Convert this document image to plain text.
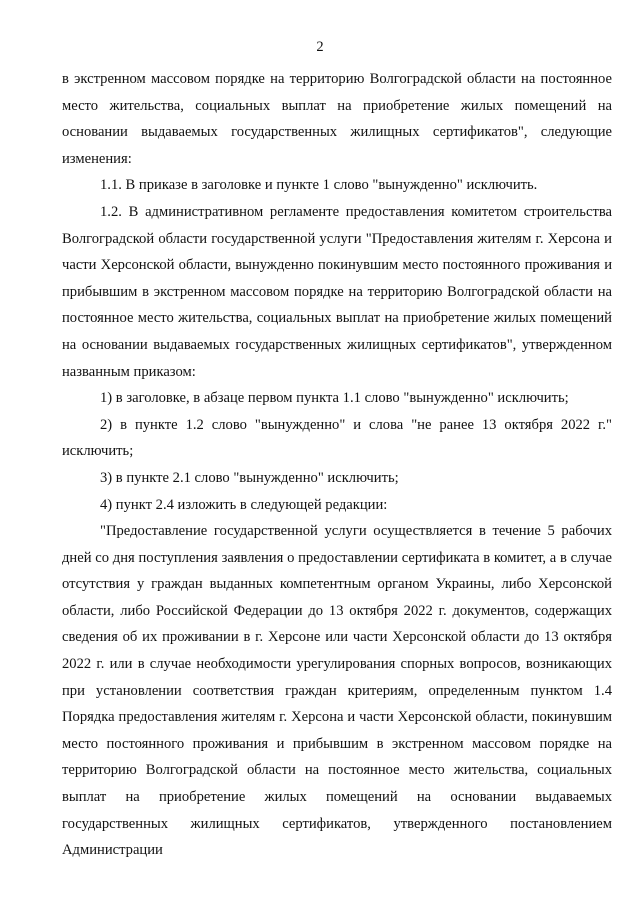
2

в экстренном массовом порядке на территорию Волгоградской области на постоянное место жительства, социальных выплат на приобретение жилых помещений на основании выдаваемых государственных жилищных сертификатов", следующие изменения:

1.1. В приказе в заголовке и пункте 1 слово "вынужденно" исключить.

1.2. В административном регламенте предоставления комитетом строительства Волгоградской области государственной услуги "Предоставления жителям г. Херсона и части Херсонской области, вынужденно покинувшим место постоянного проживания и прибывшим в экстренном массовом порядке на территорию Волгоградской области на постоянное место жительства, социальных выплат на приобретение жилых помещений на основании выдаваемых государственных жилищных сертификатов", утвержденном названным приказом:

1) в заголовке, в абзаце первом пункта 1.1 слово "вынужденно" исключить;

2) в пункте 1.2 слово "вынужденно" и слова "не ранее 13 октября 2022 г." исключить;

3) в пункте 2.1 слово "вынужденно" исключить;

4) пункт 2.4 изложить в следующей редакции:

"Предоставление государственной услуги осуществляется в течение 5 рабочих дней со дня поступления заявления о предоставлении сертификата в комитет, а в случае отсутствия у граждан выданных компетентным органом Украины, либо Херсонской области, либо Российской Федерации до 13 октября 2022 г. документов, содержащих сведения об их проживании в г. Херсоне или части Херсонской области до 13 октября 2022 г. или в случае необходимости урегулирования спорных вопросов, возникающих при установлении соответствия граждан критериям, определенным пунктом 1.4 Порядка предоставления жителям г. Херсона и части Херсонской области, покинувшим место постоянного проживания и прибывшим в экстренном массовом порядке на территорию Волгоградской области на постоянное место жительства, социальных выплат на приобретение жилых помещений на основании выдаваемых государственных жилищных сертификатов, утвержденного постановлением Администрации
